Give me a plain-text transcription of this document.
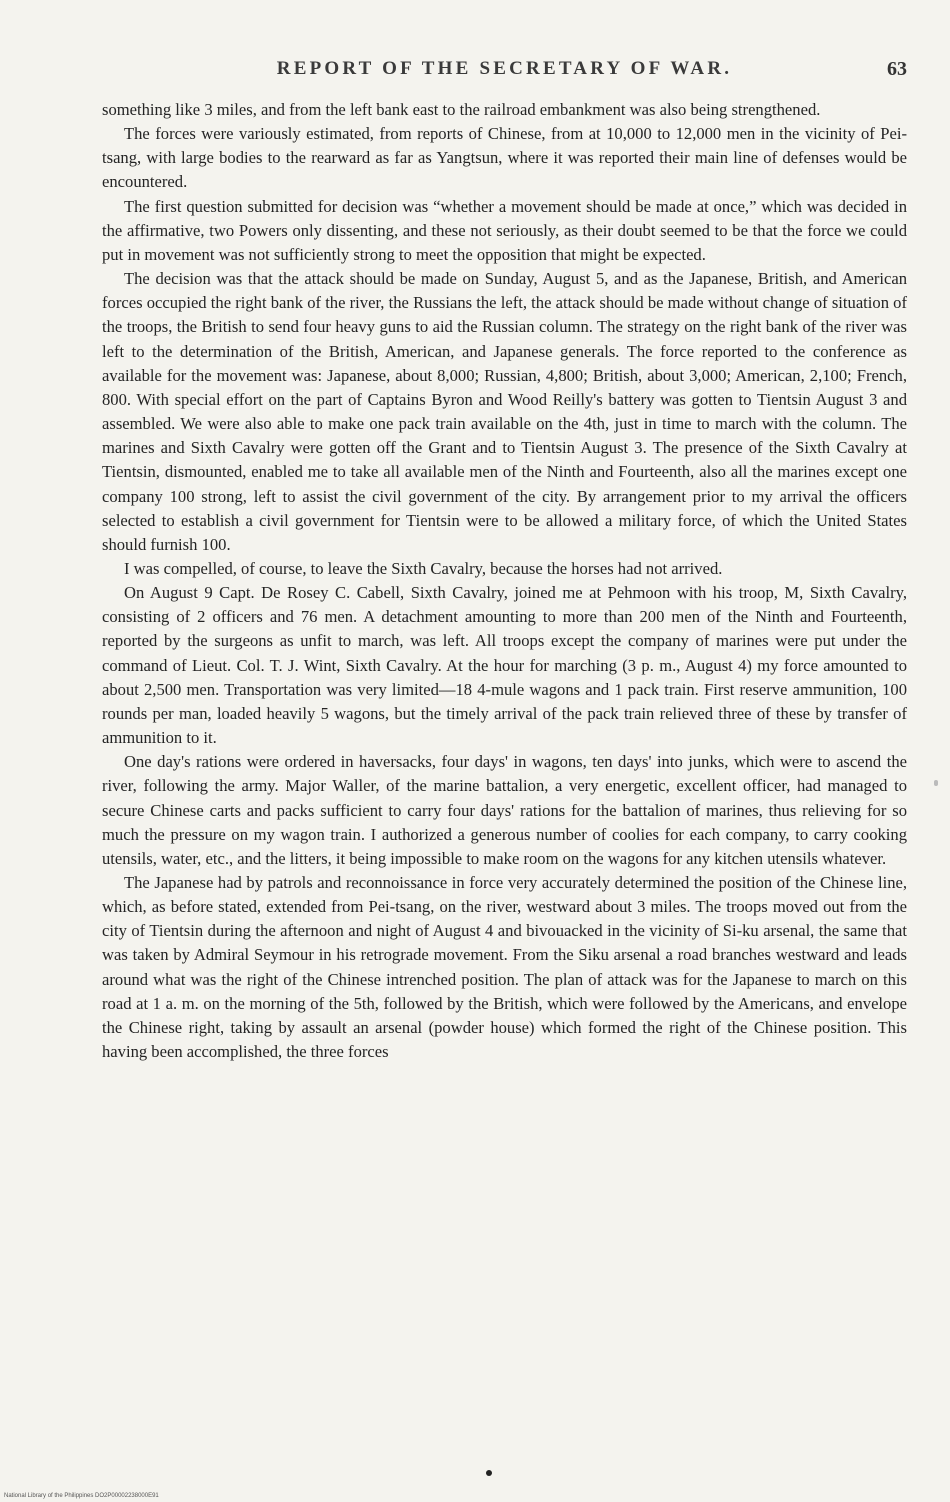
REPORT OF THE SECRETARY OF WAR.	63

something like 3 miles, and from the left bank east to the railroad embankment was also being strengthened.

The forces were variously estimated, from reports of Chinese, from at 10,000 to 12,000 men in the vicinity of Pei-tsang, with large bodies to the rearward as far as Yangtsun, where it was reported their main line of defenses would be encountered.

The first question submitted for decision was “whether a movement should be made at once,” which was decided in the affirmative, two Powers only dissenting, and these not seriously, as their doubt seemed to be that the force we could put in movement was not sufficiently strong to meet the opposition that might be expected.

The decision was that the attack should be made on Sunday, August 5, and as the Japanese, British, and American forces occupied the right bank of the river, the Russians the left, the attack should be made without change of situation of the troops, the British to send four heavy guns to aid the Russian column. The strategy on the right bank of the river was left to the determination of the British, American, and Japanese generals. The force reported to the conference as available for the movement was: Japanese, about 8,000; Russian, 4,800; British, about 3,000; American, 2,100; French, 800. With special effort on the part of Captains Byron and Wood Reilly's battery was gotten to Tientsin August 3 and assembled. We were also able to make one pack train available on the 4th, just in time to march with the column. The marines and Sixth Cavalry were gotten off the Grant and to Tientsin August 3. The presence of the Sixth Cavalry at Tientsin, dismounted, enabled me to take all available men of the Ninth and Fourteenth, also all the marines except one company 100 strong, left to assist the civil government of the city. By arrangement prior to my arrival the officers selected to establish a civil government for Tientsin were to be allowed a military force, of which the United States should furnish 100.

I was compelled, of course, to leave the Sixth Cavalry, because the horses had not arrived.

On August 9 Capt. De Rosey C. Cabell, Sixth Cavalry, joined me at Pehmoon with his troop, M, Sixth Cavalry, consisting of 2 officers and 76 men. A detachment amounting to more than 200 men of the Ninth and Fourteenth, reported by the surgeons as unfit to march, was left. All troops except the company of marines were put under the command of Lieut. Col. T. J. Wint, Sixth Cavalry. At the hour for marching (3 p. m., August 4) my force amounted to about 2,500 men. Transportation was very limited—18 4-mule wagons and 1 pack train. First reserve ammunition, 100 rounds per man, loaded heavily 5 wagons, but the timely arrival of the pack train relieved three of these by transfer of ammunition to it.

One day's rations were ordered in haversacks, four days' in wagons, ten days' into junks, which were to ascend the river, following the army. Major Waller, of the marine battalion, a very energetic, excellent officer, had managed to secure Chinese carts and packs sufficient to carry four days' rations for the battalion of marines, thus relieving for so much the pressure on my wagon train. I authorized a generous number of coolies for each company, to carry cooking utensils, water, etc., and the litters, it being impossible to make room on the wagons for any kitchen utensils whatever.

The Japanese had by patrols and reconnoissance in force very accurately determined the position of the Chinese line, which, as before stated, extended from Pei-tsang, on the river, westward about 3 miles. The troops moved out from the city of Tientsin during the afternoon and night of August 4 and bivouacked in the vicinity of Si-ku arsenal, the same that was taken by Admiral Seymour in his retrograde movement. From the Siku arsenal a road branches westward and leads around what was the right of the Chinese intrenched position. The plan of attack was for the Japanese to march on this road at 1 a. m. on the morning of the 5th, followed by the British, which were followed by the Americans, and envelope the Chinese right, taking by assault an arsenal (powder house) which formed the right of the Chinese position. This having been accomplished, the three forces

National Library of the Philippines DO2P00002238000E91
